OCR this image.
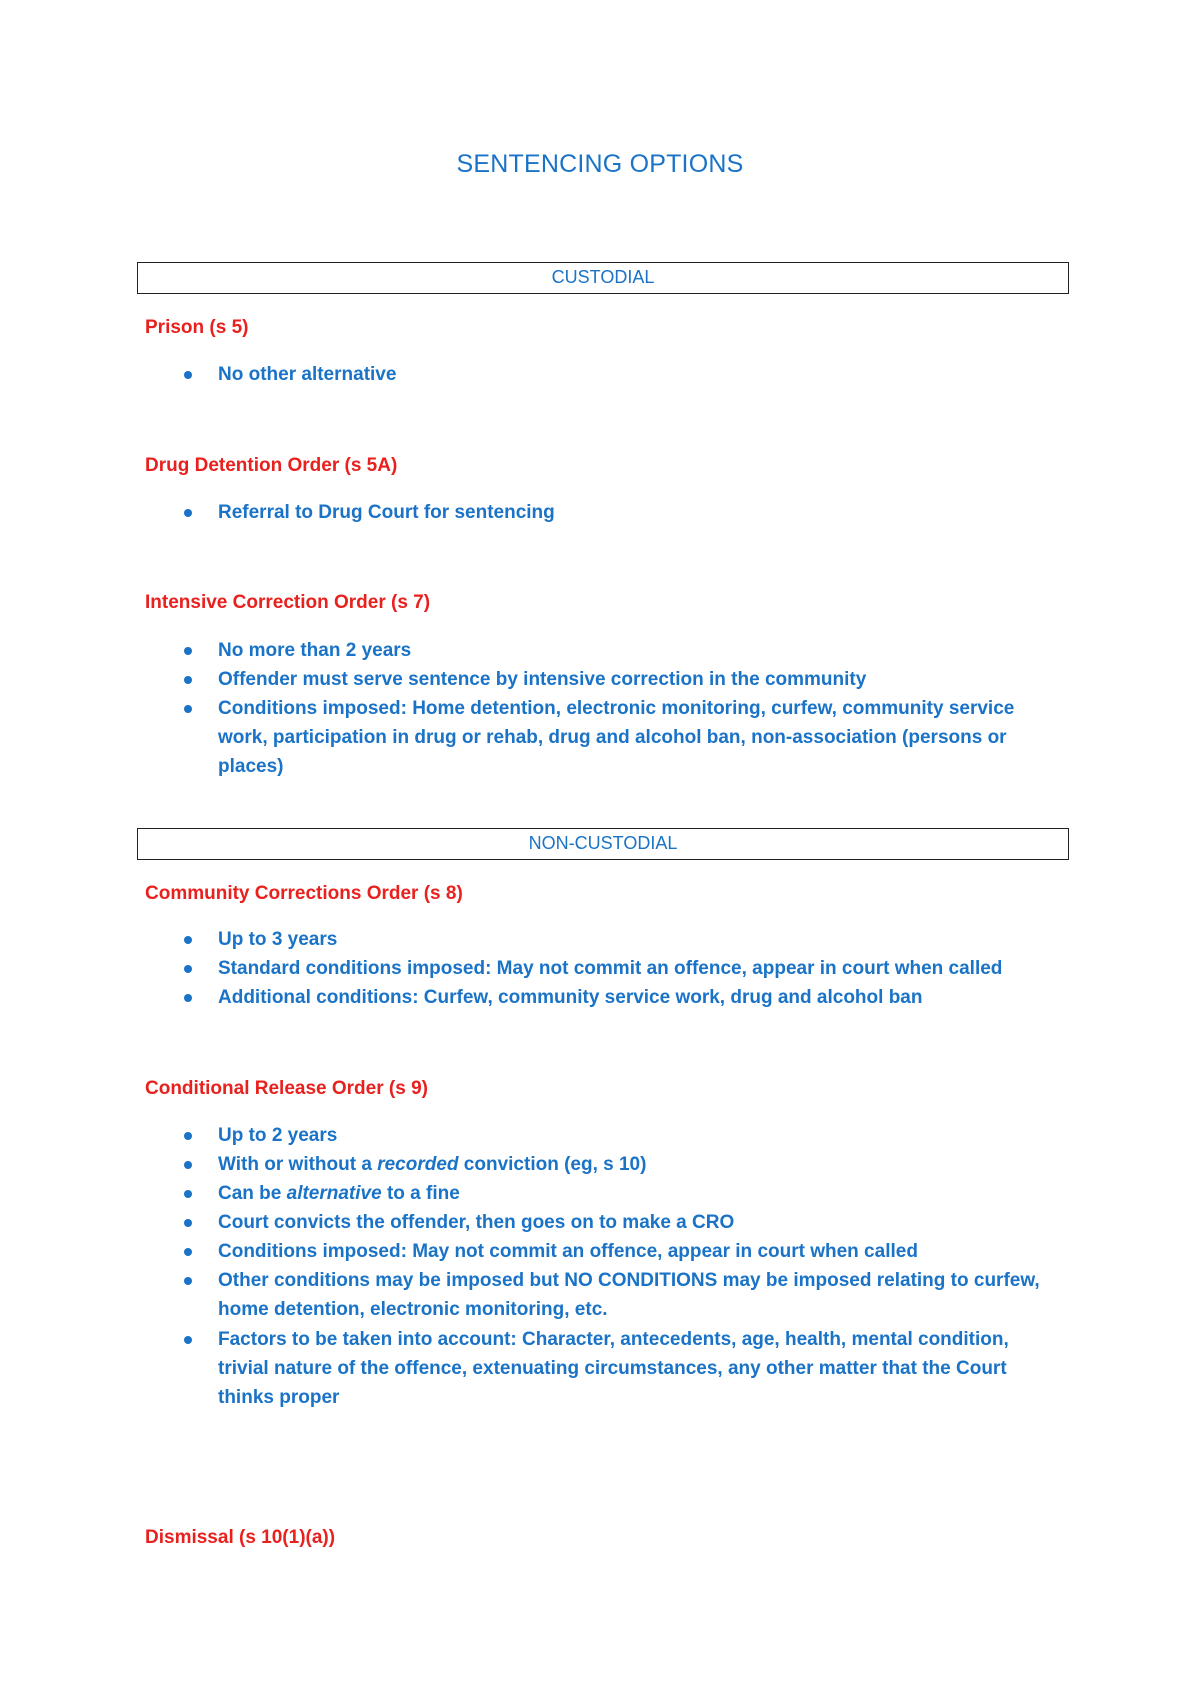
SENTENCING OPTIONS
CUSTODIAL
Prison (s 5)
No other alternative
Drug Detention Order (s 5A)
Referral to Drug Court for sentencing
Intensive Correction Order (s 7)
No more than 2 years
Offender must serve sentence by intensive correction in the community
Conditions imposed: Home detention, electronic monitoring, curfew, community service work, participation in drug or rehab, drug and alcohol ban, non-association (persons or places)
NON-CUSTODIAL
Community Corrections Order (s 8)
Up to 3 years
Standard conditions imposed: May not commit an offence, appear in court when called
Additional conditions: Curfew, community service work, drug and alcohol ban
Conditional Release Order (s 9)
Up to 2 years
With or without a recorded conviction (eg, s 10)
Can be alternative to a fine
Court convicts the offender, then goes on to make a CRO
Conditions imposed: May not commit an offence, appear in court when called
Other conditions may be imposed but NO CONDITIONS may be imposed relating to curfew, home detention, electronic monitoring, etc.
Factors to be taken into account: Character, antecedents, age, health, mental condition, trivial nature of the offence, extenuating circumstances, any other matter that the Court thinks proper
Dismissal (s 10(1)(a))
